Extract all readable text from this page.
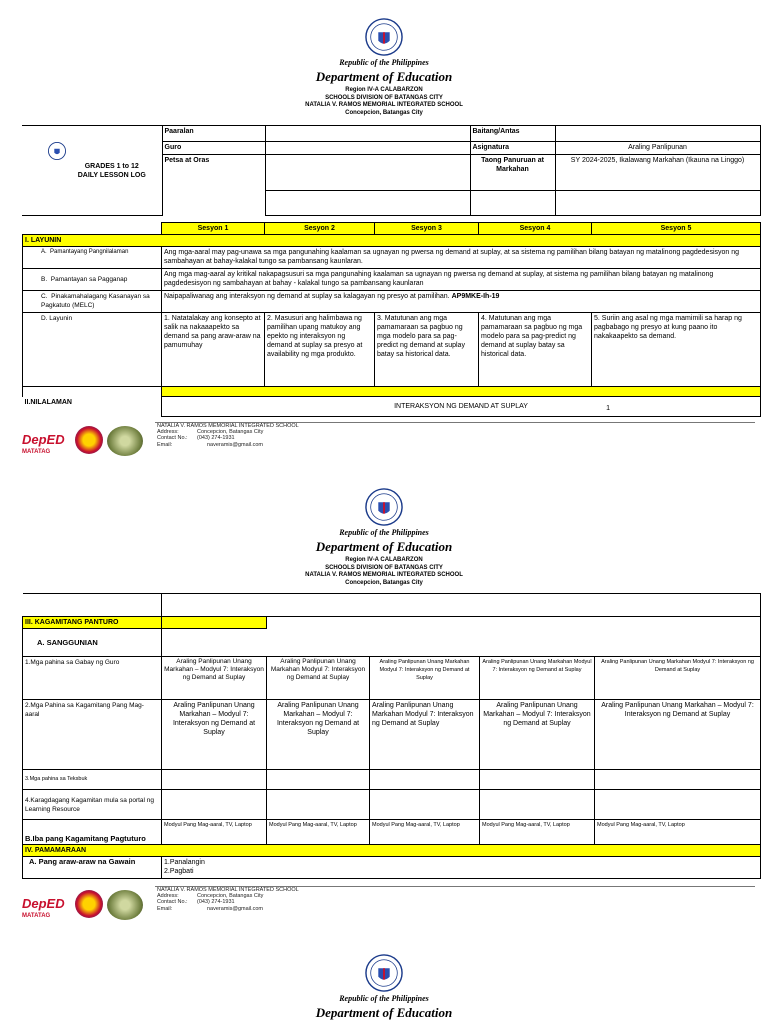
Republic of the Philippines
Department of Education
Region IV-A CALABARZON
SCHOOLS DIVISION OF BATANGAS CITY
NATALIA V. RAMOS MEMORIAL INTEGRATED SCHOOL
Concepcion, Batangas City
GRADES 1 to 12
DAILY LESSON LOG	Paaralan		Baitang/Antas	
	Guro		Asignatura	Araling Panlipunan
	Petsa at Oras		Taong Panuruan at Markahan	SY 2024-2025, Ikalawang Markahan (Ikauna na Linggo)

	Sesyon 1	Sesyon 2	Sesyon 3	Sesyon 4	Sesyon 5
I. LAYUNIN					
A. Pamantayang Pangnilalaman	Ang mga-aaral may pag-unawa sa mga pangunahing kaalaman sa ugnayan ng pwersa ng demand at suplay, at sa sistema ng pamilihan bilang batayan ng matalinong pagdedesisyon ng sambahayan at bahay-kalakal tungo sa pambansang kaunlaran.				
B. Pamantayan sa Pagganap	Ang mga mag-aaral ay kritikal nakapagsusuri sa mga pangunahing kaalaman sa ugnayan ng pwersa ng demand at suplay, at sistema ng pamilihan bilang batayan ng matalinong pagdedesisyon ng sambahayan at bahay - kalakal tungo sa pambansang kaunlaran				
C. Pinakamahalagang Kasanayan sa Pagkatuto (MELC)	Naipapaliwanag ang interaksyon ng demand at suplay sa kalagayan ng presyo at pamilihan. AP9MKE-Ih-19				
D. Layunin	1. Natatalakay ang konsepto at salik na nakaaapekto sa demand sa pang araw-araw na pamumuhay	2. Masusuri ang halimbawa ng pamilihan upang matukoy ang epekto ng interaksyon ng demand at suplay sa presyo at availability ng mga produkto.	3. Matutunan ang mga pamamaraan sa pagbuo ng mga modelo para sa pag-predict ng demand at suplay batay sa historical data.	4. Matutunan ang mga pamamaraan sa pagbuo ng mga modelo para sa pag-predict ng demand at suplay batay sa historical data.	5. Suriin ang asal ng mga mamimili sa harap ng pagbabago ng presyo at kung paano ito nakakaapekto sa demand.

II.NILALAMAN	INTERAKSYON NG DEMAND AT SUPLAY 1				
DepED
MATATAG
NATALIA V. RAMOS MEMORIAL INTEGRATED SCHOOL
Address:	Concepcion, Batangas City
Contact No.: (043) 274-1931
Email:	naveramis@gmail.com
Republic of the Philippines
Department of Education
Region IV-A CALABARZON
SCHOOLS DIVISION OF BATANGAS CITY
NATALIA V. RAMOS MEMORIAL INTEGRATED SCHOOL
Concepcion, Batangas City

III. KAGAMITANG PANTURO					
A. SANGGUNIAN					
1.Mga pahina sa Gabay ng Guro	Araling Panlipunan Unang Markahan – Modyul 7: Interaksyon ng Demand at Suplay	Araling Panlipunan Unang Markahan Modyul 7: Interaksyon ng Demand at Suplay	Araling Panlipunan Unang Markahan Modyul 7: Interaksyon ng Demand at Suplay	Araling Panlipunan Unang Markahan Modyul 7: Interaksyon ng Demand at Suplay	Araling Panlipunan Unang Markahan Modyul 7: Interaksyon ng Demand at Suplay
2.Mga Pahina sa Kagamitang Pang Mag- aaral	Araling Panlipunan Unang Markahan – Modyul 7: Interaksyon ng Demand at Suplay	Araling Panlipunan Unang Markahan – Modyul 7: Interaksyon ng Demand at Suplay	Araling Panlipunan Unang Markahan Modyul 7: Interaksyon ng Demand at Suplay	Araling Panlipunan Unang Markahan – Modyul 7: Interaksyon ng Demand at Suplay	Araling Panlipunan Unang Markahan – Modyul 7: Interaksyon ng Demand at Suplay
3.Mga pahina sa Teksbuk					
4.Karagdagang Kagamitan mula sa portal ng Learning Resource					
B.Iba pang Kagamitang Pagtuturo	Modyul Pang Mag-aaral, TV, Laptop	Modyul Pang Mag-aaral, TV, Laptop	Modyul Pang Mag-aaral, TV, Laptop	Modyul Pang Mag-aaral, TV, Laptop	Modyul Pang Mag-aaral, TV, Laptop
IV. PAMAMARAAN					
A. Pang araw-araw na Gawain	1.Panalangin
2.Pagbati				
DepED
MATATAG
NATALIA V. RAMOS MEMORIAL INTEGRATED SCHOOL
Address:	Concepcion, Batangas City
Contact No.: (043) 274-1931
Email:	naveramis@gmail.com
Republic of the Philippines
Department of Education
